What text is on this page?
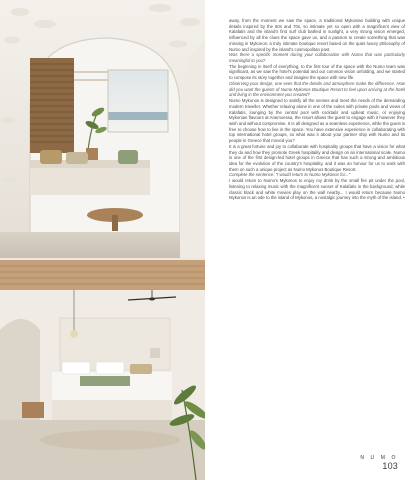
away, from the moment we saw the space, a traditional Mykonian building with unique details inspired by the 60s and 70s, so intimate yet so open with a magnificent view of Kalafatis and the island's first surf club bathed in sunlight, a very strong vision emerged, influenced by all the clues the space gave us, and a passion to create something that was missing in Mykonos: a truly intimate boutique resort based on the quiet luxury philosophy of Numo and inspired by the island's cosmopolitan past.

Was there a specific moment during your collaboration with Numo that was particularly meaningful to you?

The beginning in itself of everything, to the first tour of the space with the Numo team was significant, as we saw the hotel's potential and our common vision unfolding, and we started to compose its story together and imagine the space with new life.

Observing your design, one sees that the details and atmosphere make the difference. How did you want the guests of Numo Mykonos Boutique Resort to feel upon arriving at the hotel and living in the environment you created?

Numo Mykonos is designed to satisfy all the senses and meet the needs of the demanding modern traveller. Whether relaxing alone in one of the suites with private pools and views of Kalafatis, lounging by the central pool with cocktails and upbeat music, or enjoying Mykonian flavours at Anemoessa, the resort allows the guest to engage with it however they wish and without compromise. It is all designed as a seamless experience, while the guest is free to choose how to live in the space. You have extensive experience in collaborating with top international hotel groups, so what was it about your partner ship with Numo and its people in Greece that moved you?

It is a great fortune and joy to collaborate with hospitality groups that have a vision for what they do and how they promote Greek hospitality and design on an international scale. Numo is one of the first design-led hotel groups in Greece that has such a strong and ambitious idea for the evolution of the country's hospitality, and it was an honour for us to work with them on such a unique project as Numo Mykonos Boutique Resort.

Complete the sentence: "I would return to Numo Mykonos for..."

I would return to Numo's Mykonos to enjoy my drink by the small fire pit under the pool, listening to relaxing music with the magnificent sunset of Kalafatis in the background, while classic black and white movies play on the wall nearby... I would return because Numo Mykonos is an ode to the island of Mykonos, a nostalgic journey into the myth of the island. •

N U M O
103
